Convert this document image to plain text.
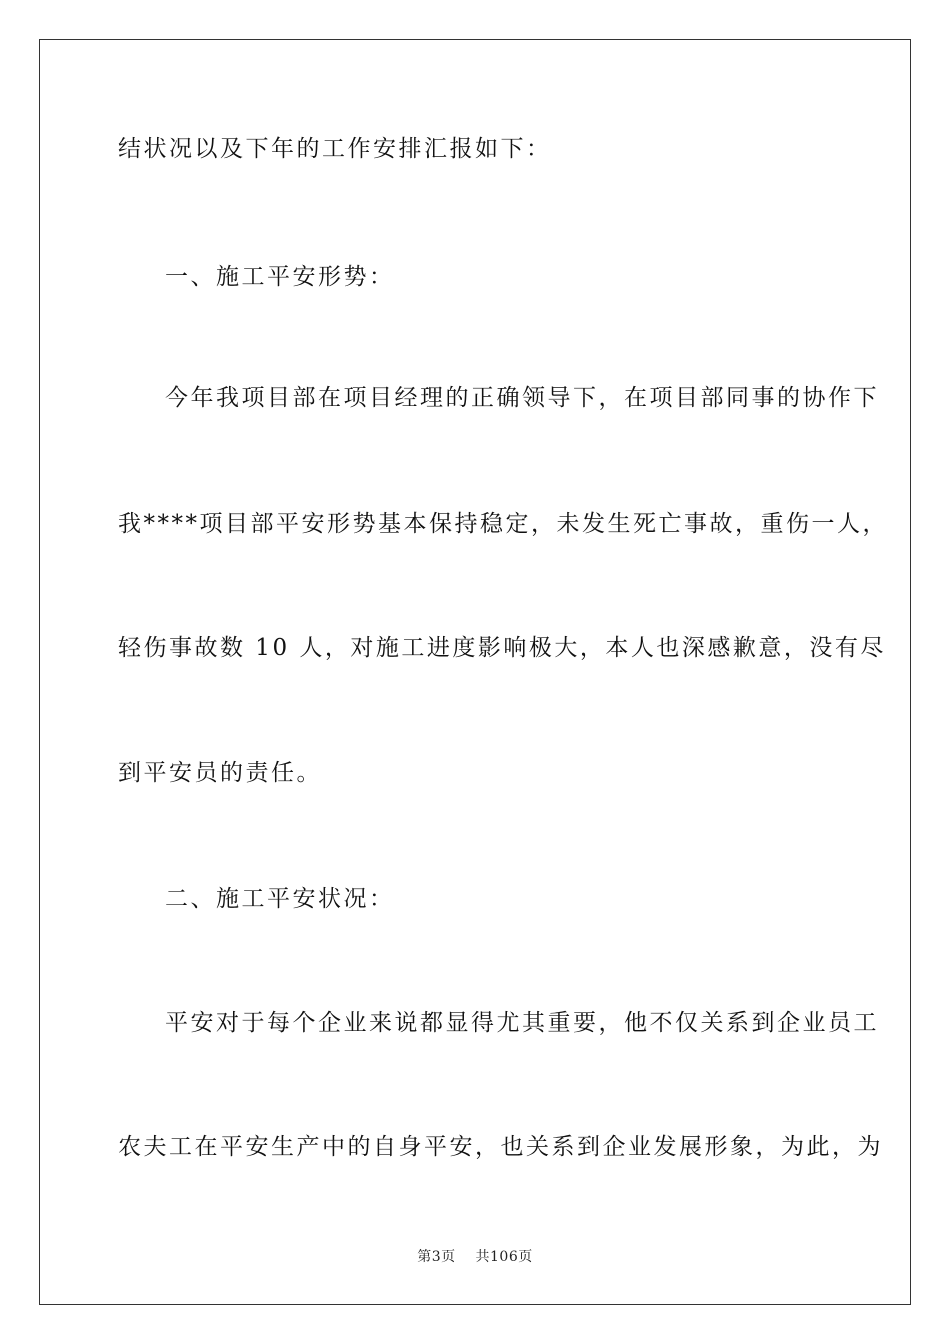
结状况以及下年的工作安排汇报如下：
一、施工平安形势：
今年我项目部在项目经理的正确领导下，在项目部同事的协作下
我****项目部平安形势基本保持稳定，未发生死亡事故，重伤一人，
轻伤事故数 10 人，对施工进度影响极大，本人也深感歉意，没有尽
到平安员的责任。
二、施工平安状况：
平安对于每个企业来说都显得尤其重要，他不仅关系到企业员工
农夫工在平安生产中的自身平安，也关系到企业发展形象，为此，为
第3页 共106页
